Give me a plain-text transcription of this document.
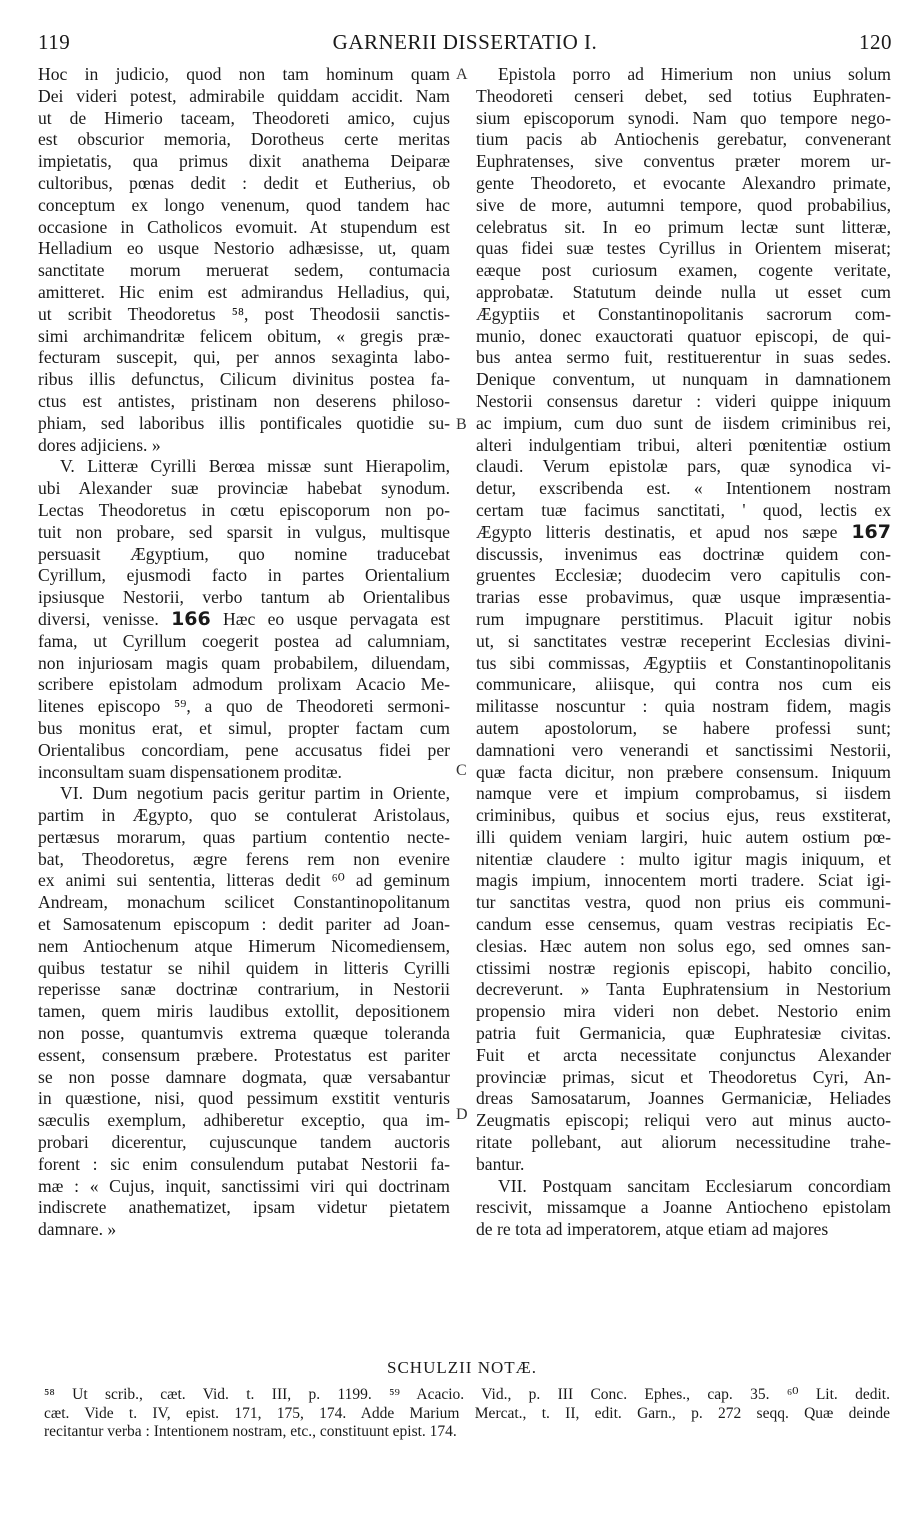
119	GARNERII DISSERTATIO I.	120
Hoc in judicio, quod non tam hominum quam
Dei videri potest, admirabile quiddam accidit. Nam
ut de Himerio taceam, Theodoreti amico, cujus
est obscurior memoria, Dorotheus certe meritas
impietatis, qua primus dixit anathema Deiparæ
cultoribus, pœnas dedit : dedit et Eutherius, ob
conceptum ex longo venenum, quod tandem hac
occasione in Catholicos evomuit. At stupendum est
Helladium eo usque Nestorio adhæsisse, ut, quam
sanctitate morum meruerat sedem, contumacia
amitteret. Hic enim est admirandus Helladius, qui,
ut scribit Theodoretus ⁵⁸, post Theodosii sanctis-
simi archimandritæ felicem obitum, « gregis præ-
fecturam suscepit, qui, per annos sexaginta labo-
ribus illis defunctus, Cilicum divinitus postea fa-
ctus est antistes, pristinam non deserens philoso-
phiam, sed laboribus illis pontificales quotidie su-
dores adjiciens. »
V. Litteræ Cyrilli Berœa missæ sunt Hierapolim,
ubi Alexander suæ provinciæ habebat synodum.
Lectas Theodoretus in cœtu episcoporum non po-
tuit non probare, sed sparsit in vulgus, multisque
persuasit Ægyptium, quo nomine traducebat
Cyrillum, ejusmodi facto in partes Orientalium
ipsiusque Nestorii, verbo tantum ab Orientalibus
diversi, venisse. 166 Hæc eo usque pervagata est
fama, ut Cyrillum coegerit postea ad calumniam,
non injuriosam magis quam probabilem, diluendam,
scribere epistolam admodum prolixam Acacio Me-
litenes episcopo ⁵⁹, a quo de Theodoreti sermoni-
bus monitus erat, et simul, propter factam cum
Orientalibus concordiam, pene accusatus fidei per
inconsultam suam dispensationem proditæ.
VI. Dum negotium pacis geritur partim in Oriente,
partim in Ægypto, quo se contulerat Aristolaus,
pertæsus morarum, quas partium contentio necte-
bat, Theodoretus, ægre ferens rem non evenire
ex animi sui sententia, litteras dedit ⁶⁰ ad geminum
Andream, monachum scilicet Constantinopolitanum
et Samosatenum episcopum : dedit pariter ad Joan-
nem Antiochenum atque Himerum Nicomediensem,
quibus testatur se nihil quidem in litteris Cyrilli
reperisse sanæ doctrinæ contrarium, in Nestorii
tamen, quem miris laudibus extollit, depositionem
non posse, quantumvis extrema quæque toleranda
essent, consensum præbere. Protestatus est pariter
se non posse damnare dogmata, quæ versabantur
in quæstione, nisi, quod pessimum exstitit venturis
sæculis exemplum, adhiberetur exceptio, qua im-
probari dicerentur, cujuscunque tandem auctoris
forent : sic enim consulendum putabat Nestorii fa-
mæ : « Cujus, inquit, sanctissimi viri qui doctrinam
indiscrete anathematizet, ipsam videtur pietatem
damnare. »
Epistola porro ad Himerium non unius solum
Theodoreti censeri debet, sed totius Euphraten-
sium episcoporum synodi. Nam quo tempore nego-
tium pacis ab Antiochenis gerebatur, convenerant
Euphratenses, sive conventus præter morem ur-
gente Theodoreto, et evocante Alexandro primate,
sive de more, autumni tempore, quod probabilius,
celebratus sit. In eo primum lectæ sunt litteræ,
quas fidei suæ testes Cyrillus in Orientem miserat;
eæque post curiosum examen, cogente veritate,
approbatæ. Statutum deinde nulla ut esset cum
Ægyptiis et Constantinopolitanis sacrorum com-
munio, donec exauctorati quatuor episcopi, de qui-
bus antea sermo fuit, restituerentur in suas sedes.
Denique conventum, ut nunquam in damnationem
Nestorii consensus daretur : videri quippe iniquum
ac impium, cum duo sunt de iisdem criminibus rei,
alteri indulgentiam tribui, alteri pœnitentiæ ostium
claudi. Verum epistolæ pars, quæ synodica vi-
detur, exscribenda est. « Intentionem nostram
certam tuæ facimus sanctitati, ' quod, lectis ex
Ægypto litteris destinatis, et apud nos sæpe 167
discussis, invenimus eas doctrinæ quidem con-
gruentes Ecclesiæ; duodecim vero capitulis con-
trarias esse probavimus, quæ usque impræsentia-
rum impugnare perstitimus. Placuit igitur nobis
ut, si sanctitates vestræ receperint Ecclesias divini-
tus sibi commissas, Ægyptiis et Constantinopolitanis
communicare, aliisque, qui contra nos cum eis
militasse noscuntur : quia nostram fidem, magis
autem apostolorum, se habere professi sunt;
damnationi vero venerandi et sanctissimi Nestorii,
quæ facta dicitur, non præbere consensum. Iniquum
namque vere et impium comprobamus, si iisdem
criminibus, quibus et socius ejus, reus exstiterat,
illi quidem veniam largiri, huic autem ostium pœ-
nitentiæ claudere : multo igitur magis iniquum, et
magis impium, innocentem morti tradere. Sciat igi-
tur sanctitas vestra, quod non prius eis communi-
candum esse censemus, quam vestras recipiatis Ec-
clesias. Hæc autem non solus ego, sed omnes san-
ctissimi nostræ regionis episcopi, habito concilio,
decreverunt. » Tanta Euphratensium in Nestorium
propensio mira videri non debet. Nestorio enim
patria fuit Germanicia, quæ Euphratesiæ civitas.
Fuit et arcta necessitate conjunctus Alexander
provinciæ primas, sicut et Theodoretus Cyri, An-
dreas Samosatarum, Joannes Germaniciæ, Heliades
Zeugmatis episcopi; reliqui vero aut minus aucto-
ritate pollebant, aut aliorum necessitudine trahe-
bantur.
VII. Postquam sancitam Ecclesiarum concordiam
rescivit, missamque a Joanne Antiocheno epistolam
de re tota ad imperatorem, atque etiam ad majores
A
B
C
D
SCHULZII NOTÆ.
⁵⁸ Ut scrib., cæt. Vid. t. III, p. 1199. ⁵⁹ Acacio. Vid., p. III Conc. Ephes., cap. 35. ⁶⁰ Lit. dedit.
cæt. Vide t. IV, epist. 171, 175, 174. Adde Marium Mercat., t. II, edit. Garn., p. 272 seqq. Quæ deinde
recitantur verba : Intentionem nostram, etc., constituunt epist. 174.
